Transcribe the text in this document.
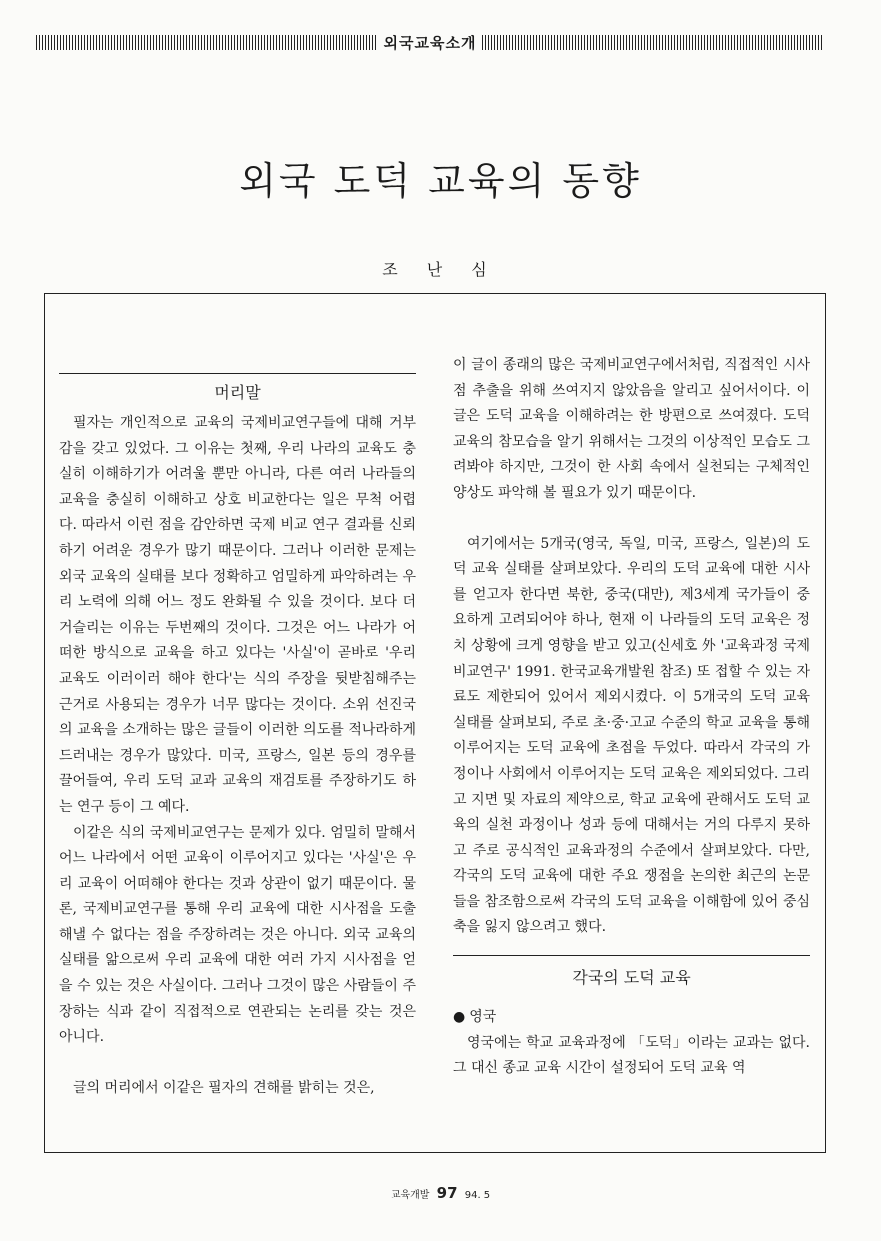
외국교육소개
외국 도덕 교육의 동향
조 난 심
머리말

필자는 개인적으로 교육의 국제비교연구들에 대해 거부감을 갖고 있었다. 그 이유는 첫째, 우리 나라의 교육도 충실히 이해하기가 어려울 뿐만 아니라, 다른 여러 나라들의 교육을 충실히 이해하고 상호 비교한다는 일은 무척 어렵다. 따라서 이런 점을 감안하면 국제 비교 연구 결과를 신뢰하기 어려운 경우가 많기 때문이다. 그러나 이러한 문제는 외국 교육의 실태를 보다 정확하고 엄밀하게 파악하려는 우리 노력에 의해 어느 정도 완화될 수 있을 것이다. 보다 더 거슬리는 이유는 두번째의 것이다. 그것은 어느 나라가 어떠한 방식으로 교육을 하고 있다는 '사실'이 곧바로 '우리 교육도 이러이러 해야 한다'는 식의 주장을 뒷받침해주는 근거로 사용되는 경우가 너무 많다는 것이다. 소위 선진국의 교육을 소개하는 많은 글들이 이러한 의도를 적나라하게 드러내는 경우가 많았다. 미국, 프랑스, 일본 등의 경우를 끌어들여, 우리 도덕 교과 교육의 재검토를 주장하기도 하는 연구 등이 그 예다.

이같은 식의 국제비교연구는 문제가 있다. 엄밀히 말해서 어느 나라에서 어떤 교육이 이루어지고 있다는 '사실'은 우리 교육이 어떠해야 한다는 것과 상관이 없기 때문이다. 물론, 국제비교연구를 통해 우리 교육에 대한 시사점을 도출해낼 수 없다는 점을 주장하려는 것은 아니다. 외국 교육의 실태를 앎으로써 우리 교육에 대한 여러 가지 시사점을 얻을 수 있는 것은 사실이다. 그러나 그것이 많은 사람들이 주장하는 식과 같이 직접적으로 연관되는 논리를 갖는 것은 아니다.

글의 머리에서 이같은 필자의 견해를 밝히는 것은,

이 글이 종래의 많은 국제비교연구에서처럼, 직접적인 시사점 추출을 위해 쓰여지지 않았음을 알리고 싶어서이다. 이 글은 도덕 교육을 이해하려는 한 방편으로 쓰여졌다. 도덕 교육의 참모습을 알기 위해서는 그것의 이상적인 모습도 그려봐야 하지만, 그것이 한 사회 속에서 실천되는 구체적인 양상도 파악해 볼 필요가 있기 때문이다.

여기에서는 5개국(영국, 독일, 미국, 프랑스, 일본)의 도덕 교육 실태를 살펴보았다. 우리의 도덕 교육에 대한 시사를 얻고자 한다면 북한, 중국(대만), 제3세계 국가들이 중요하게 고려되어야 하나, 현재 이 나라들의 도덕 교육은 정치 상황에 크게 영향을 받고 있고(신세호 外 '교육과정 국제비교연구' 1991. 한국교육개발원 참조) 또 접할 수 있는 자료도 제한되어 있어서 제외시켰다. 이 5개국의 도덕 교육 실태를 살펴보되, 주로 초·중·고교 수준의 학교 교육을 통해 이루어지는 도덕 교육에 초점을 두었다. 따라서 각국의 가정이나 사회에서 이루어지는 도덕 교육은 제외되었다. 그리고 지면 및 자료의 제약으로, 학교 교육에 관해서도 도덕 교육의 실천 과정이나 성과 등에 대해서는 거의 다루지 못하고 주로 공식적인 교육과정의 수준에서 살펴보았다. 다만, 각국의 도덕 교육에 대한 주요 쟁점을 논의한 최근의 논문들을 참조함으로써 각국의 도덕 교육을 이해함에 있어 중심축을 잃지 않으려고 했다.

각국의 도덕 교육
● 영국

영국에는 학교 교육과정에 「도덕」이라는 교과는 없다. 그 대신 종교 교육 시간이 설정되어 도덕 교육 역

교육개발 97 94. 5
